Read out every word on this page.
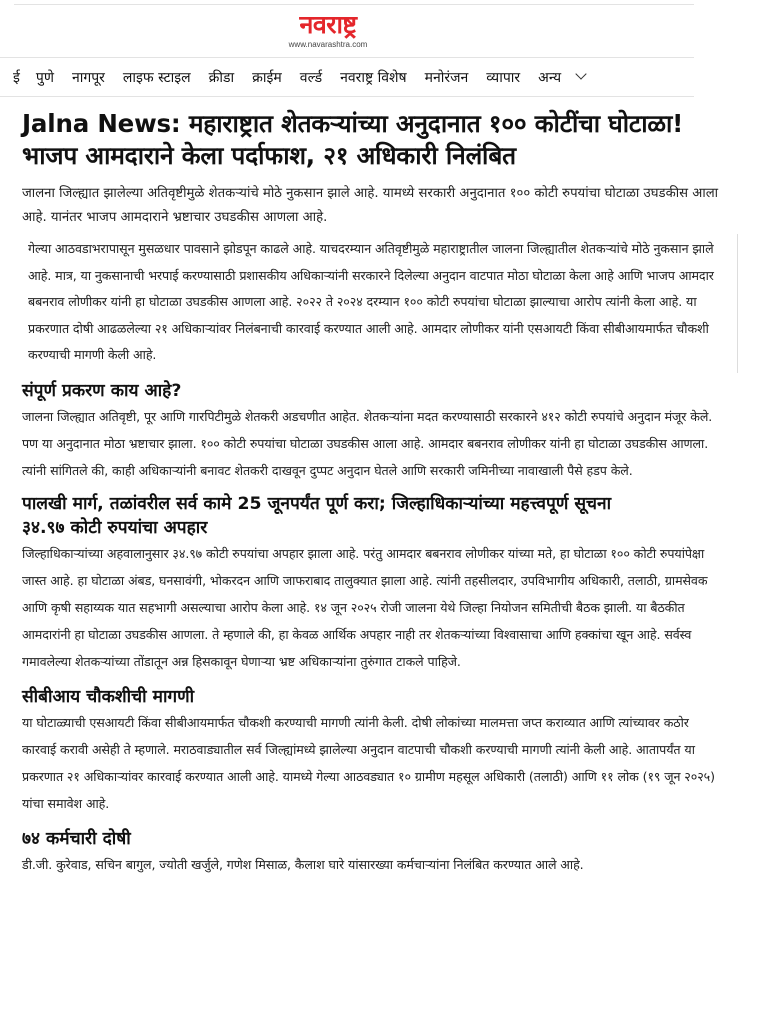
नवराष्ट्र
www.navarashtra.com
ई पुणे नागपूर लाइफ स्टाइल क्रीडा क्राईम वर्ल्ड नवराष्ट्र विशेष मनोरंजन व्यापार अन्य
Jalna News: महाराष्ट्रात शेतकऱ्यांच्या अनुदानात १०० कोटींचा घोटाळा! भाजप आमदाराने केला पर्दाफाश, २१ अधिकारी निलंबित

जालना जिल्ह्यात झालेल्या अतिवृष्टीमुळे शेतकऱ्यांचे मोठे नुकसान झाले आहे. यामध्ये सरकारी अनुदानात १०० कोटी रुपयांचा घोटाळा उघडकीस आला आहे. यानंतर भाजप आमदाराने भ्रष्टाचार उघडकीस आणला आहे.

गेल्या आठवडाभरापासून मुसळधार पावसाने झोडपून काढले आहे. याचदरम्यान अतिवृष्टीमुळे महाराष्ट्रातील जालना जिल्ह्यातील शेतकऱ्यांचे मोठे नुकसान झाले आहे. मात्र, या नुकसानाची भरपाई करण्यासाठी प्रशासकीय अधिकाऱ्यांनी सरकारने दिलेल्या अनुदान वाटपात मोठा घोटाळा केला आहे आणि भाजप आमदार बबनराव लोणीकर यांनी हा घोटाळा उघडकीस आणला आहे. २०२२ ते २०२४ दरम्यान १०० कोटी रुपयांचा घोटाळा झाल्याचा आरोप त्यांनी केला आहे. या प्रकरणात दोषी आढळलेल्या २१ अधिकाऱ्यांवर निलंबनाची कारवाई करण्यात आली आहे. आमदार लोणीकर यांनी एसआयटी किंवा सीबीआयमार्फत चौकशी करण्याची मागणी केली आहे.

संपूर्ण प्रकरण काय आहे?

जालना जिल्ह्यात अतिवृष्टी, पूर आणि गारपिटीमुळे शेतकरी अडचणीत आहेत. शेतकऱ्यांना मदत करण्यासाठी सरकारने ४१२ कोटी रुपयांचे अनुदान मंजूर केले. पण या अनुदानात मोठा भ्रष्टाचार झाला. १०० कोटी रुपयांचा घोटाळा उघडकीस आला आहे. आमदार बबनराव लोणीकर यांनी हा घोटाळा उघडकीस आणला. त्यांनी सांगितले की, काही अधिकाऱ्यांनी बनावट शेतकरी दाखवून दुप्पट अनुदान घेतले आणि सरकारी जमिनीच्या नावाखाली पैसे हडप केले.

पालखी मार्ग, तळांवरील सर्व कामे 25 जूनपर्यंत पूर्ण करा; जिल्हाधिकाऱ्यांच्या महत्त्वपूर्ण सूचना
३४.९७ कोटी रुपयांचा अपहार

जिल्हाधिकाऱ्यांच्या अहवालानुसार ३४.९७ कोटी रुपयांचा अपहार झाला आहे. परंतु आमदार बबनराव लोणीकर यांच्या मते, हा घोटाळा १०० कोटी रुपयांपेक्षा जास्त आहे. हा घोटाळा अंबड, घनसावंगी, भोकरदन आणि जाफराबाद तालुक्यात झाला आहे. त्यांनी तहसीलदार, उपविभागीय अधिकारी, तलाठी, ग्रामसेवक आणि कृषी सहाय्यक यात सहभागी असल्याचा आरोप केला आहे. १४ जून २०२५ रोजी जालना येथे जिल्हा नियोजन समितीची बैठक झाली. या बैठकीत आमदारांनी हा घोटाळा उघडकीस आणला. ते म्हणाले की, हा केवळ आर्थिक अपहार नाही तर शेतकऱ्यांच्या विश्वासाचा आणि हक्कांचा खून आहे. सर्वस्व गमावलेल्या शेतकऱ्यांच्या तोंडातून अन्न हिसकावून घेणाऱ्या भ्रष्ट अधिकाऱ्यांना तुरुंगात टाकले पाहिजे.

सीबीआय चौकशीची मागणी

या घोटाळ्याची एसआयटी किंवा सीबीआयमार्फत चौकशी करण्याची मागणी त्यांनी केली. दोषी लोकांच्या मालमत्ता जप्त कराव्यात आणि त्यांच्यावर कठोर कारवाई करावी असेही ते म्हणाले. मराठवाड्यातील सर्व जिल्ह्यांमध्ये झालेल्या अनुदान वाटपाची चौकशी करण्याची मागणी त्यांनी केली आहे. आतापर्यंत या प्रकरणात २१ अधिकाऱ्यांवर कारवाई करण्यात आली आहे. यामध्ये गेल्या आठवड्यात १० ग्रामीण महसूल अधिकारी (तलाठी) आणि ११ लोक (१९ जून २०२५) यांचा समावेश आहे.

७४ कर्मचारी दोषी

डी.जी. कुरेवाड, सचिन बागुल, ज्योती खर्जुले, गणेश मिसाळ, कैलाश घारे यांसारख्या कर्मचाऱ्यांना निलंबित करण्यात आले आहे.
